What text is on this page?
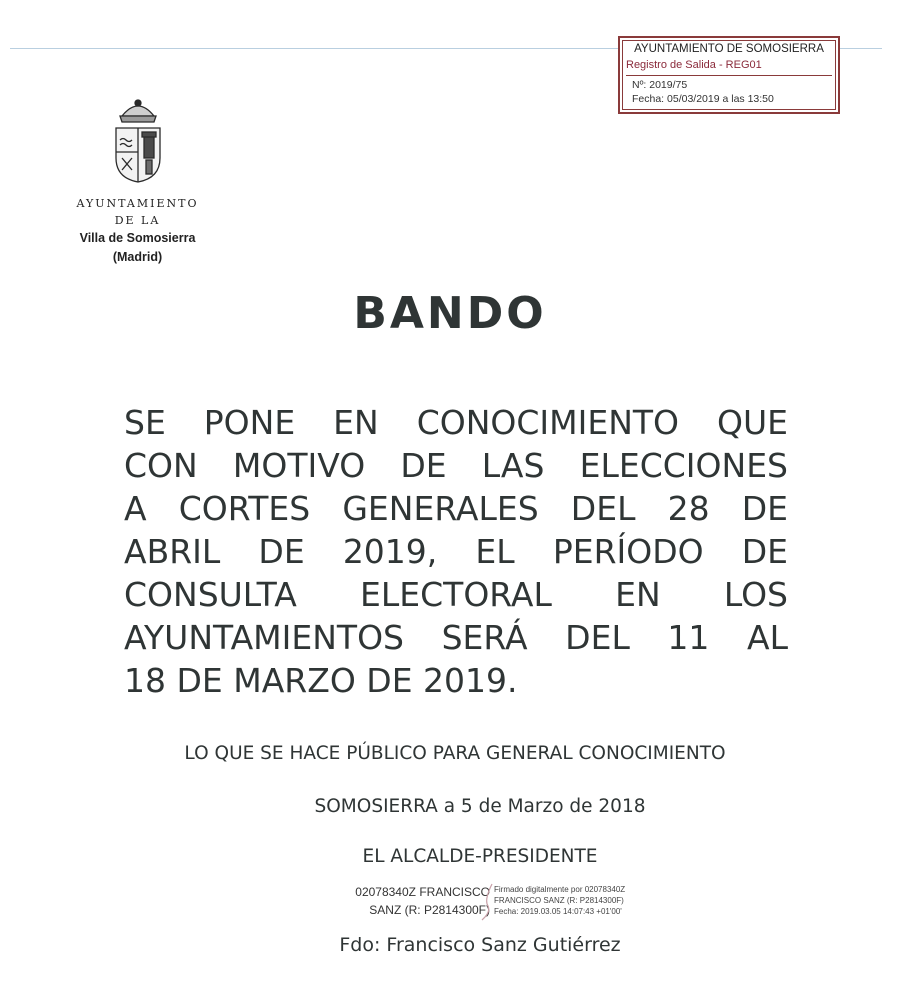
AYUNTAMIENTO DE SOMOSIERRA
Registro de Salida - REG01
Nº: 2019/75
Fecha: 05/03/2019 a las 13:50
AYUNTAMIENTO
DE LA
Villa de Somosierra
(Madrid)
BANDO
SE PONE EN CONOCIMIENTO QUE
CON MOTIVO DE LAS ELECCIONES
A CORTES GENERALES DEL 28 DE
ABRIL DE 2019, EL PERÍODO DE
CONSULTA ELECTORAL EN LOS
AYUNTAMIENTOS SERÁ DEL 11 AL
18 DE MARZO DE 2019.
LO QUE SE HACE PÚBLICO PARA GENERAL CONOCIMIENTO
SOMOSIERRA a 5 de Marzo de 2018
EL ALCALDE-PRESIDENTE
02078340Z FRANCISCO
SANZ (R: P2814300F)
Firmado digitalmente por 02078340Z
FRANCISCO SANZ (R: P2814300F)
Fecha: 2019.03.05 14:07:43 +01'00'
Fdo: Francisco Sanz Gutiérrez
